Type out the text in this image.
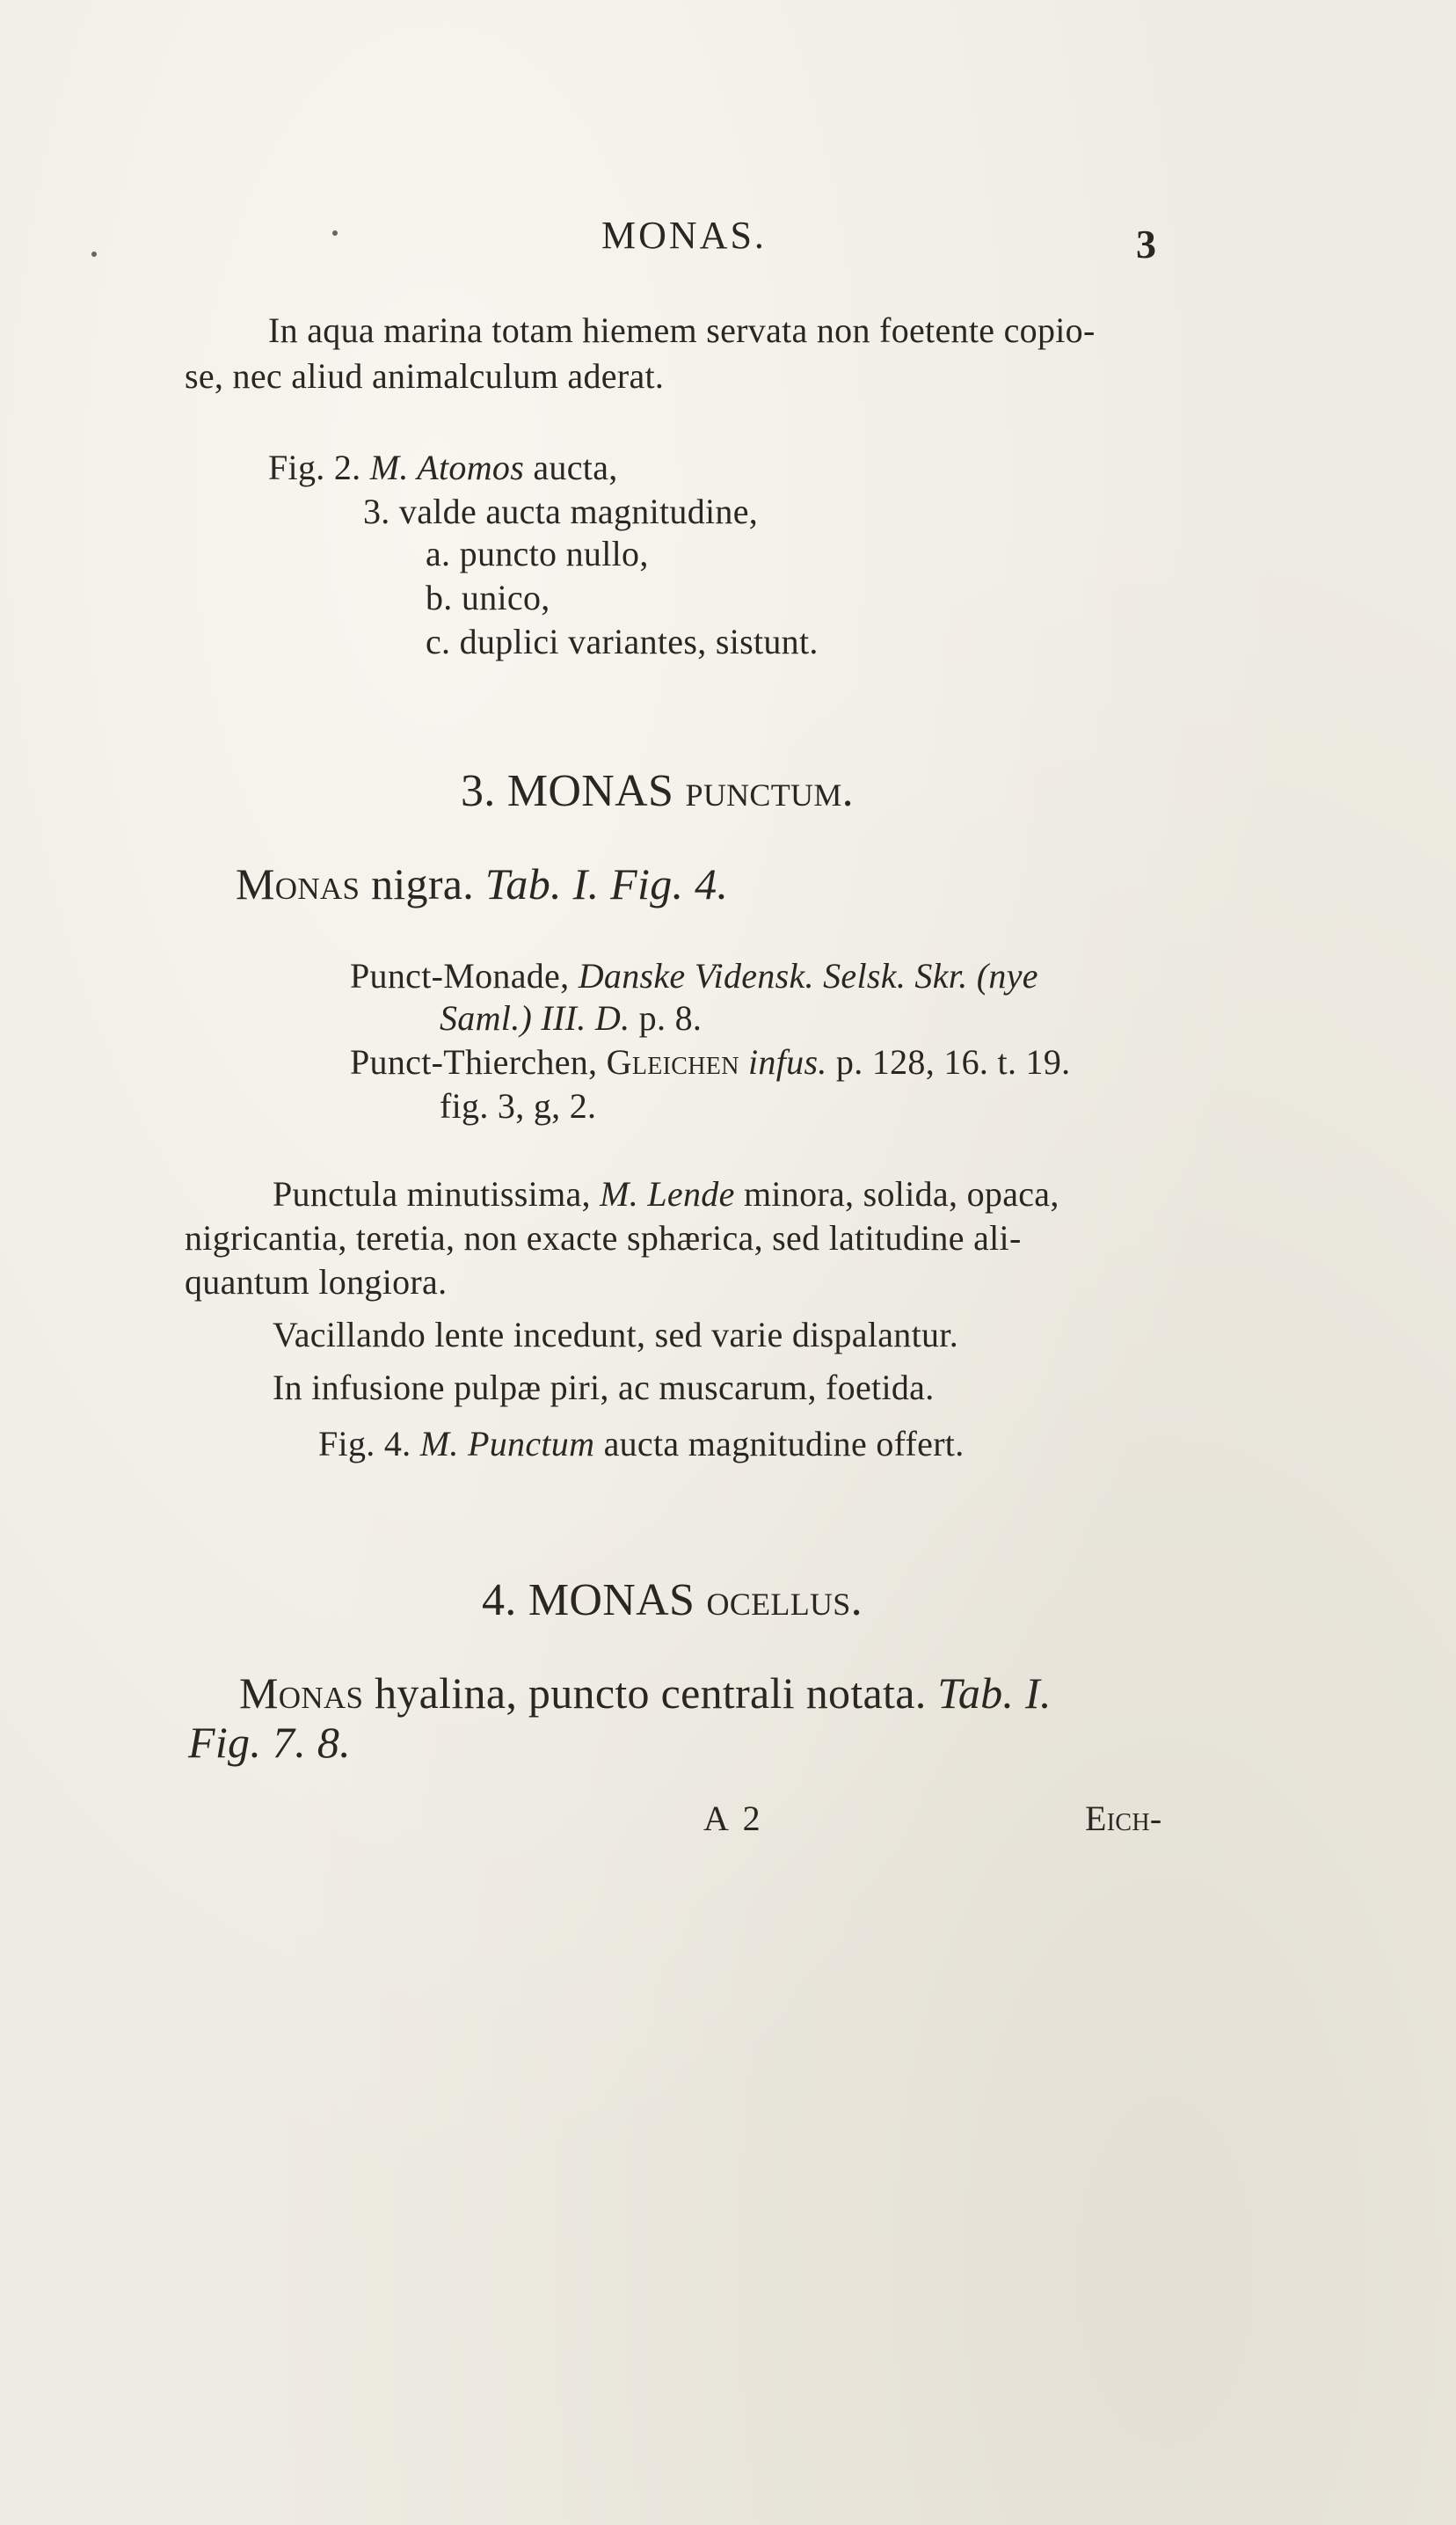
MONAS.	3
In aqua marina totam hiemem servata non foetente copio-
se, nec aliud animalculum aderat.
Fig. 2. M. Atomos aucta,
3. valde aucta magnitudine,
a. puncto nullo,
b. unico,
c. duplici variantes, sistunt.
3. MONAS punctum.
Monas nigra. Tab. I. Fig. 4.
Punct-Monade, Danske Vidensk. Selsk. Skr. (nye
Saml.) III. D. p. 8.
Punct-Thierchen, Gleichen infus. p. 128, 16. t. 19.
fig. 3, g, 2.
Punctula minutissima, M. Lende minora, solida, opaca,
nigricantia, teretia, non exacte sphærica, sed latitudine ali-
quantum longiora.
Vacillando lente incedunt, sed varie dispalantur.
In infusione pulpæ piri, ac muscarum, foetida.
Fig. 4. M. Punctum aucta magnitudine offert.
4. MONAS ocellus.
Monas hyalina, puncto centrali notata. Tab. I.
Fig. 7. 8.
A 2	Eich-
